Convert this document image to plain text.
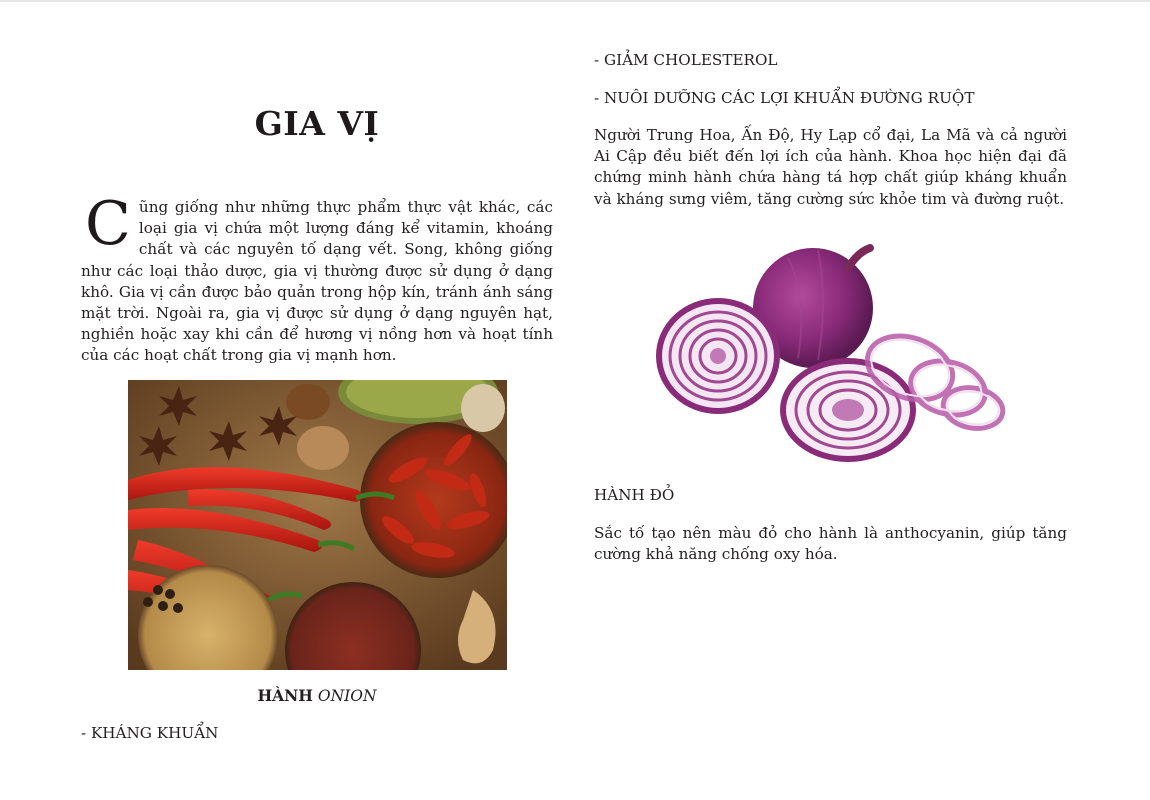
GIA VỊ

Cũng giống như những thực phẩm thực vật khác, các loại gia vị chứa một lượng đáng kể vitamin, khoáng chất và các nguyên tố dạng vết. Song, không giống như các loại thảo dược, gia vị thường được sử dụng ở dạng khô. Gia vị cần được bảo quản trong hộp kín, tránh ánh sáng mặt trời. Ngoài ra, gia vị được sử dụng ở dạng nguyên hạt, nghiền hoặc xay khi cần để hương vị nồng hơn và hoạt tính của các hoạt chất trong gia vị mạnh hơn.

HÀNH ONION

- KHÁNG KHUẨN

- GIẢM CHOLESTEROL

- NUÔI DƯỠNG CÁC LỢI KHUẨN ĐƯỜNG RUỘT

Người Trung Hoa, Ấn Độ, Hy Lạp cổ đại, La Mã và cả người Ai Cập đều biết đến lợi ích của hành. Khoa học hiện đại đã chứng minh hành chứa hàng tá hợp chất giúp kháng khuẩn và kháng sưng viêm, tăng cường sức khỏe tim và đường ruột.

HÀNH ĐỎ

Sắc tố tạo nên màu đỏ cho hành là anthocyanin, giúp tăng cường khả năng chống oxy hóa.
